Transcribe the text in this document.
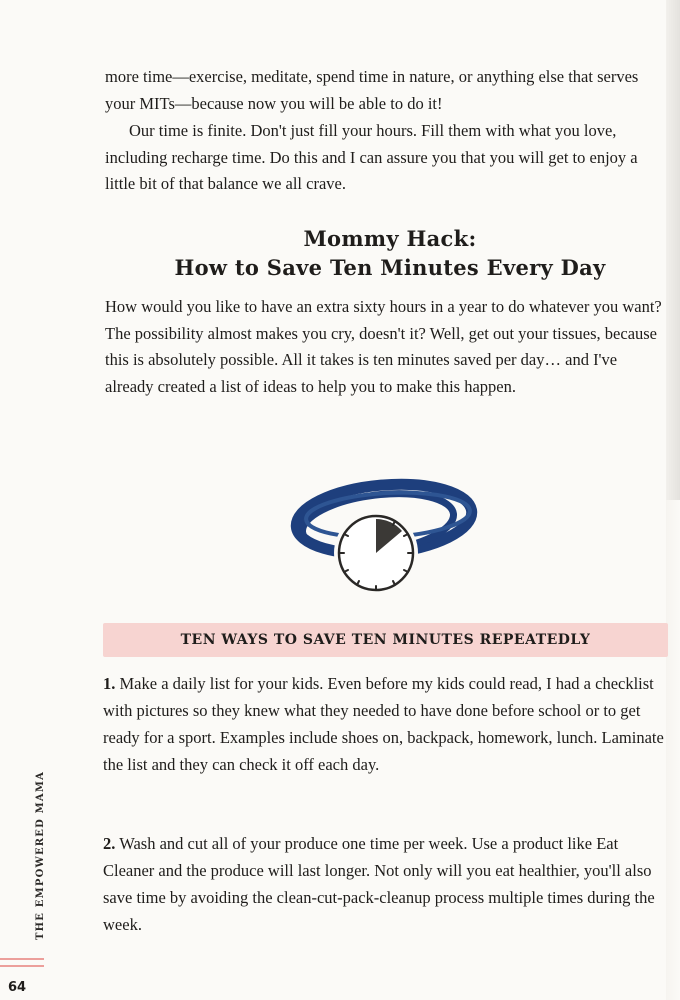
more time—exercise, meditate, spend time in nature, or anything else that serves your MITs—because now you will be able to do it!

Our time is finite. Don't just fill your hours. Fill them with what you love, including recharge time. Do this and I can assure you that you will get to enjoy a little bit of that balance we all crave.

Mommy Hack:
How to Save Ten Minutes Every Day

How would you like to have an extra sixty hours in a year to do whatever you want? The possibility almost makes you cry, doesn't it? Well, get out your tissues, because this is absolutely possible. All it takes is ten minutes saved per day… and I've already created a list of ideas to help you to make this happen.

TEN WAYS TO SAVE TEN MINUTES REPEATEDLY

1. Make a daily list for your kids. Even before my kids could read, I had a checklist with pictures so they knew what they needed to have done before school or to get ready for a sport. Examples include shoes on, backpack, homework, lunch. Laminate the list and they can check it off each day.

2. Wash and cut all of your produce one time per week. Use a product like Eat Cleaner and the produce will last longer. Not only will you eat healthier, you'll also save time by avoiding the clean-cut-pack-cleanup process multiple times during the week.

THE EMPOWERED MAMA
64
